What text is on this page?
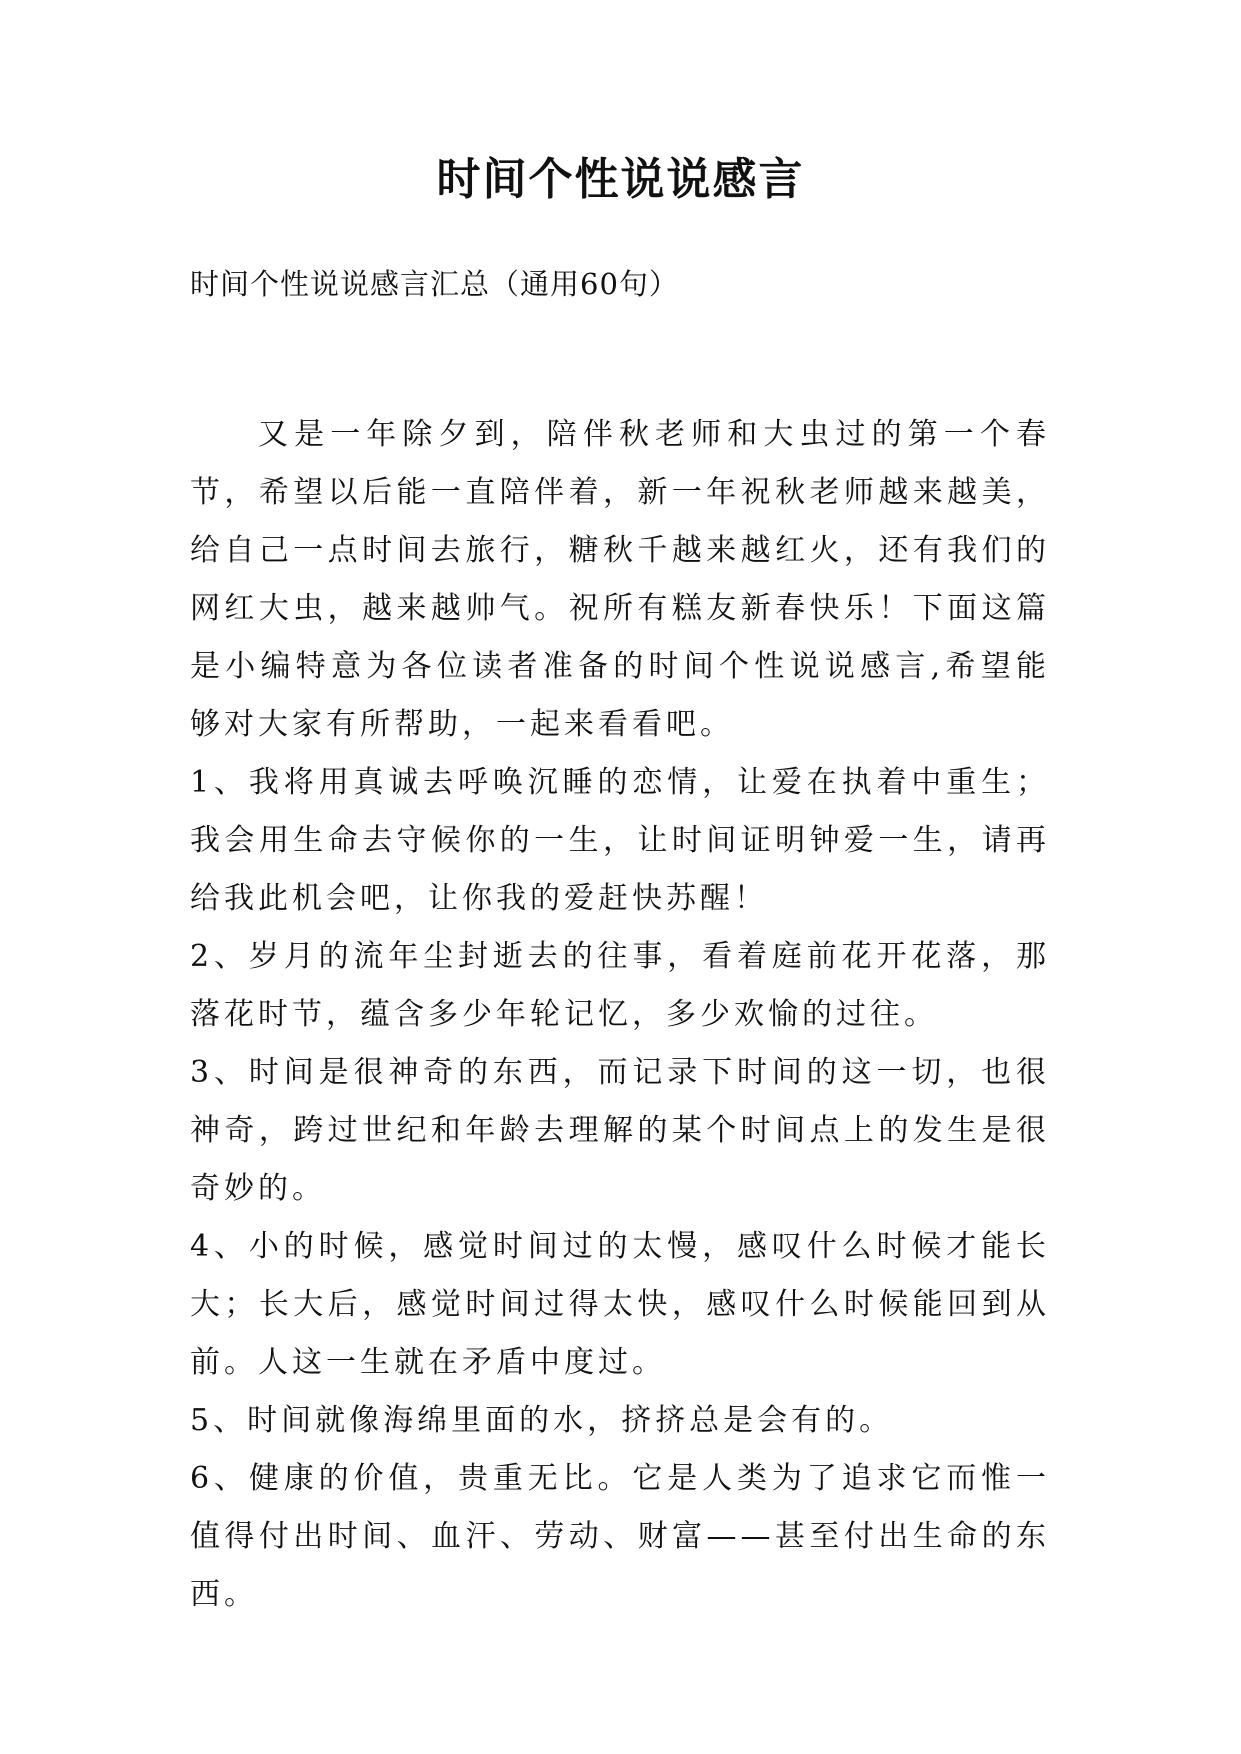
时间个性说说感言

时间个性说说感言汇总（通用60句）

又是一年除夕到，陪伴秋老师和大虫过的第一个春节，希望以后能一直陪伴着，新一年祝秋老师越来越美，给自己一点时间去旅行，糖秋千越来越红火，还有我们的网红大虫，越来越帅气。祝所有糕友新春快乐！下面这篇是小编特意为各位读者准备的时间个性说说感言,希望能够对大家有所帮助，一起来看看吧。

1、我将用真诚去呼唤沉睡的恋情，让爱在执着中重生；我会用生命去守候你的一生，让时间证明钟爱一生，请再给我此机会吧，让你我的爱赶快苏醒！

2、岁月的流年尘封逝去的往事，看着庭前花开花落，那落花时节，蕴含多少年轮记忆，多少欢愉的过往。

3、时间是很神奇的东西，而记录下时间的这一切，也很神奇，跨过世纪和年龄去理解的某个时间点上的发生是很奇妙的。

4、小的时候，感觉时间过的太慢，感叹什么时候才能长大；长大后，感觉时间过得太快，感叹什么时候能回到从前。人这一生就在矛盾中度过。

5、时间就像海绵里面的水，挤挤总是会有的。

6、健康的价值，贵重无比。它是人类为了追求它而惟一值得付出时间、血汗、劳动、财富——甚至付出生命的东西。
